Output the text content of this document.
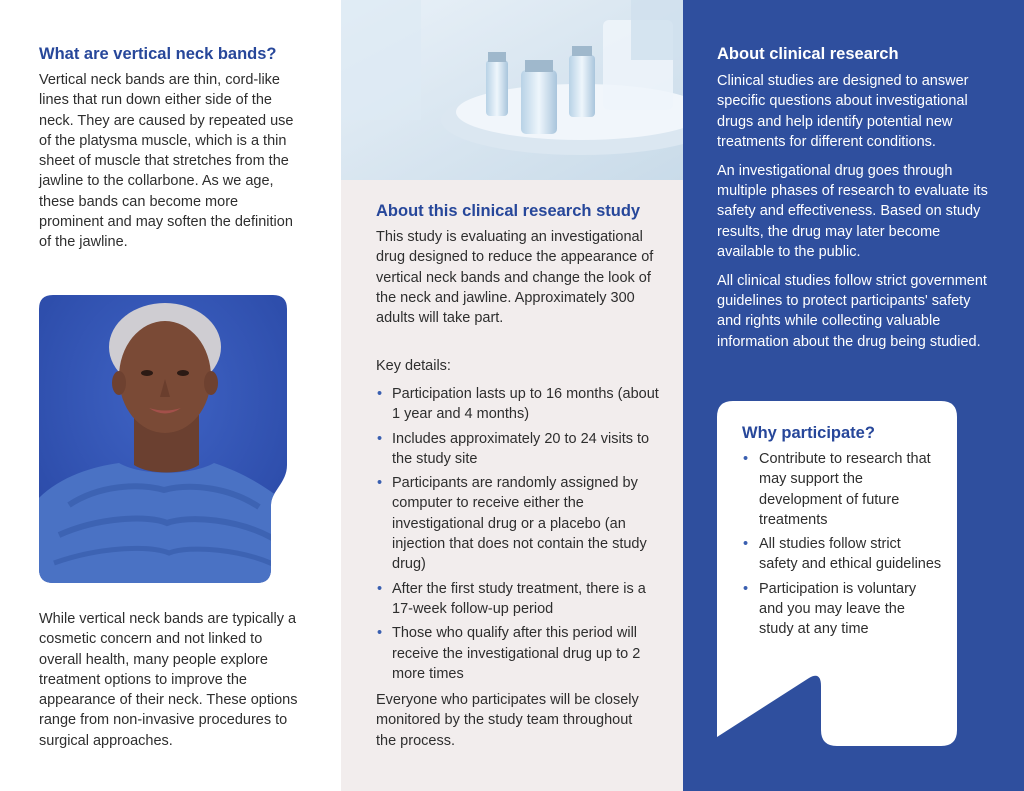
What are vertical neck bands?

Vertical neck bands are thin, cord-like lines that run down either side of the neck. They are caused by repeated use of the platysma muscle, which is a thin sheet of muscle that stretches from the jawline to the collarbone. As we age, these bands can become more prominent and may soften the definition of the jawline.

While vertical neck bands are typically a cosmetic concern and not linked to overall health, many people explore treatment options to improve the appearance of their neck. These options range from non-invasive procedures to surgical approaches.

About this clinical research study

This study is evaluating an investigational drug designed to reduce the appearance of vertical neck bands and change the look of the neck and jawline. Approximately 300 adults will take part.

Key details:

• Participation lasts up to 16 months (about 1 year and 4 months)
• Includes approximately 20 to 24 visits to the study site
• Participants are randomly assigned by computer to receive either the investigational drug or a placebo (an injection that does not contain the study drug)
• After the first study treatment, there is a 17-week follow-up period
• Those who qualify after this period will receive the investigational drug up to 2 more times

Everyone who participates will be closely monitored by the study team throughout the process.

About clinical research

Clinical studies are designed to answer specific questions about investigational drugs and help identify potential new treatments for different conditions.

An investigational drug goes through multiple phases of research to evaluate its safety and effectiveness. Based on study results, the drug may later become available to the public.

All clinical studies follow strict government guidelines to protect participants' safety and rights while collecting valuable information about the drug being studied.

Why participate?
• Contribute to research that may support the development of future treatments
• All studies follow strict safety and ethical guidelines
• Participation is voluntary and you may leave the study at any time
